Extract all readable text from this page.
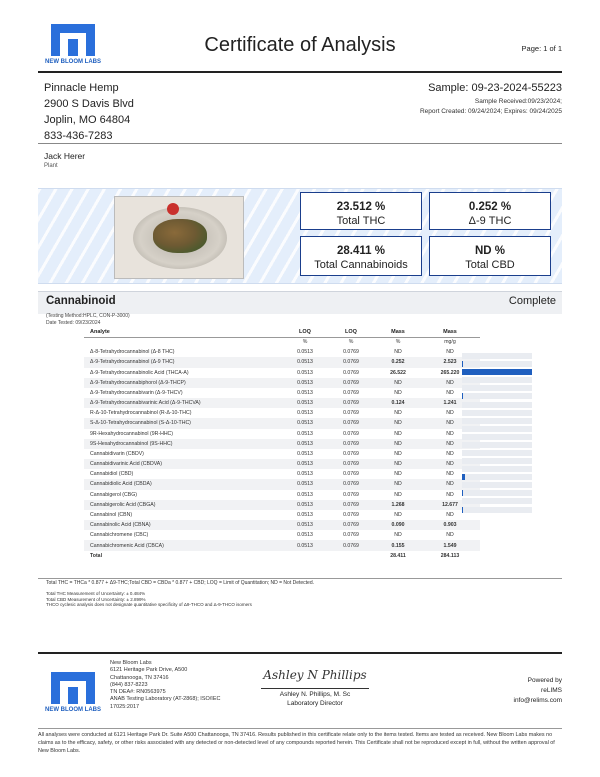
NEW BLOOM LABS
Certificate of Analysis	Page: 1 of 1
Pinnacle Hemp
2900 S Davis Blvd
Joplin, MO 64804
833-436-7283
Sample: 09-23-2024-55223
Sample Received:09/23/2024;
Report Created: 09/24/2024; Expires: 09/24/2025
Jack Herer
Plant
23.512 %
Total THC
0.252 %
Δ-9 THC
28.411 %
Total Cannabinoids
ND %
Total CBD
Cannabinoid	Complete
(Testing Method:HPLC, CON-P-3000)
Date Tested: 09/23/2024
Analyte	LOQ	LOQ	Mass	Mass
	%	%	%	mg/g
Δ-8-Tetrahydrocannabinol (Δ-8 THC)	0.0513	0.0769	ND	ND
Δ-9-Tetrahydrocannabinol (Δ-9 THC)	0.0513	0.0769	0.252	2.523
Δ-9-Tetrahydrocannabinolic Acid (THCA-A)	0.0513	0.0769	26.522	265.220
Δ-9-Tetrahydrocannabiphorol (Δ-9-THCP)	0.0513	0.0769	ND	ND
Δ-9-Tetrahydrocannabivarin (Δ-9-THCV)	0.0513	0.0769	ND	ND
Δ-9-Tetrahydrocannabivarinic Acid (Δ-9-THCVA)	0.0513	0.0769	0.124	1.241
R-Δ-10-Tetrahydrocannabinol (R-Δ-10-THC)	0.0513	0.0769	ND	ND
S-Δ-10-Tetrahydrocannabinol (S-Δ-10-THC)	0.0513	0.0769	ND	ND
9R-Hexahydrocannabinol (9R-HHC)	0.0513	0.0769	ND	ND
9S-Hexahydrocannabinol (9S-HHC)	0.0513	0.0769	ND	ND
Cannabidivarin (CBDV)	0.0513	0.0769	ND	ND
Cannabidivarinic Acid (CBDVA)	0.0513	0.0769	ND	ND
Cannabidiol (CBD)	0.0513	0.0769	ND	ND
Cannabidiolic Acid (CBDA)	0.0513	0.0769	ND	ND
Cannabigerol (CBG)	0.0513	0.0769	ND	ND
Cannabigerolic Acid (CBGA)	0.0513	0.0769	1.268	12.677
Cannabinol (CBN)	0.0513	0.0769	ND	ND
Cannabinolic Acid (CBNA)	0.0513	0.0769	0.090	0.903
Cannabichromene (CBC)	0.0513	0.0769	ND	ND
Cannabichromenic Acid (CBCA)	0.0513	0.0769	0.155	1.549
Total			28.411	284.113
Total THC = THCa * 0.877 + Δ9-THC;Total CBD = CBDa * 0.877 + CBD; LOQ = Limit of Quantitation; ND = Not Detected.
Total THC Measurement of Uncertainty: ± 0.484%
Total CBD Measurement of Uncertainty: ± 2.899%
THCO cyclesic analysis does not designate quantitative specificity of Δ9-THCO and Δ-9-THCO isomers
NEW BLOOM LABS
New Bloom Labs
6121 Heritage Park Drive, A500
Chattanooga, TN 37416
(844) 837-8223
TN DEA#: RN0563975
ANAB Testing Laboratory (AT-2868); ISO/IEC
17025:2017
Ashley N Phillips
Ashley N. Phillips, M. Sc
Laboratory Director
Powered by
reLIMS
info@relims.com
All analyses were conducted at 6121 Heritage Park Dr. Suite A500 Chattanooga, TN 37416. Results published in this certificate relate only to the items tested. Items are tested as received. New Bloom Labs makes no claims as to the efficacy, safety, or other risks associated with any detected or non-detected level of any compounds reported herein. This Certificate shall not be reproduced except in full, without the written approval of New Bloom Labs.
